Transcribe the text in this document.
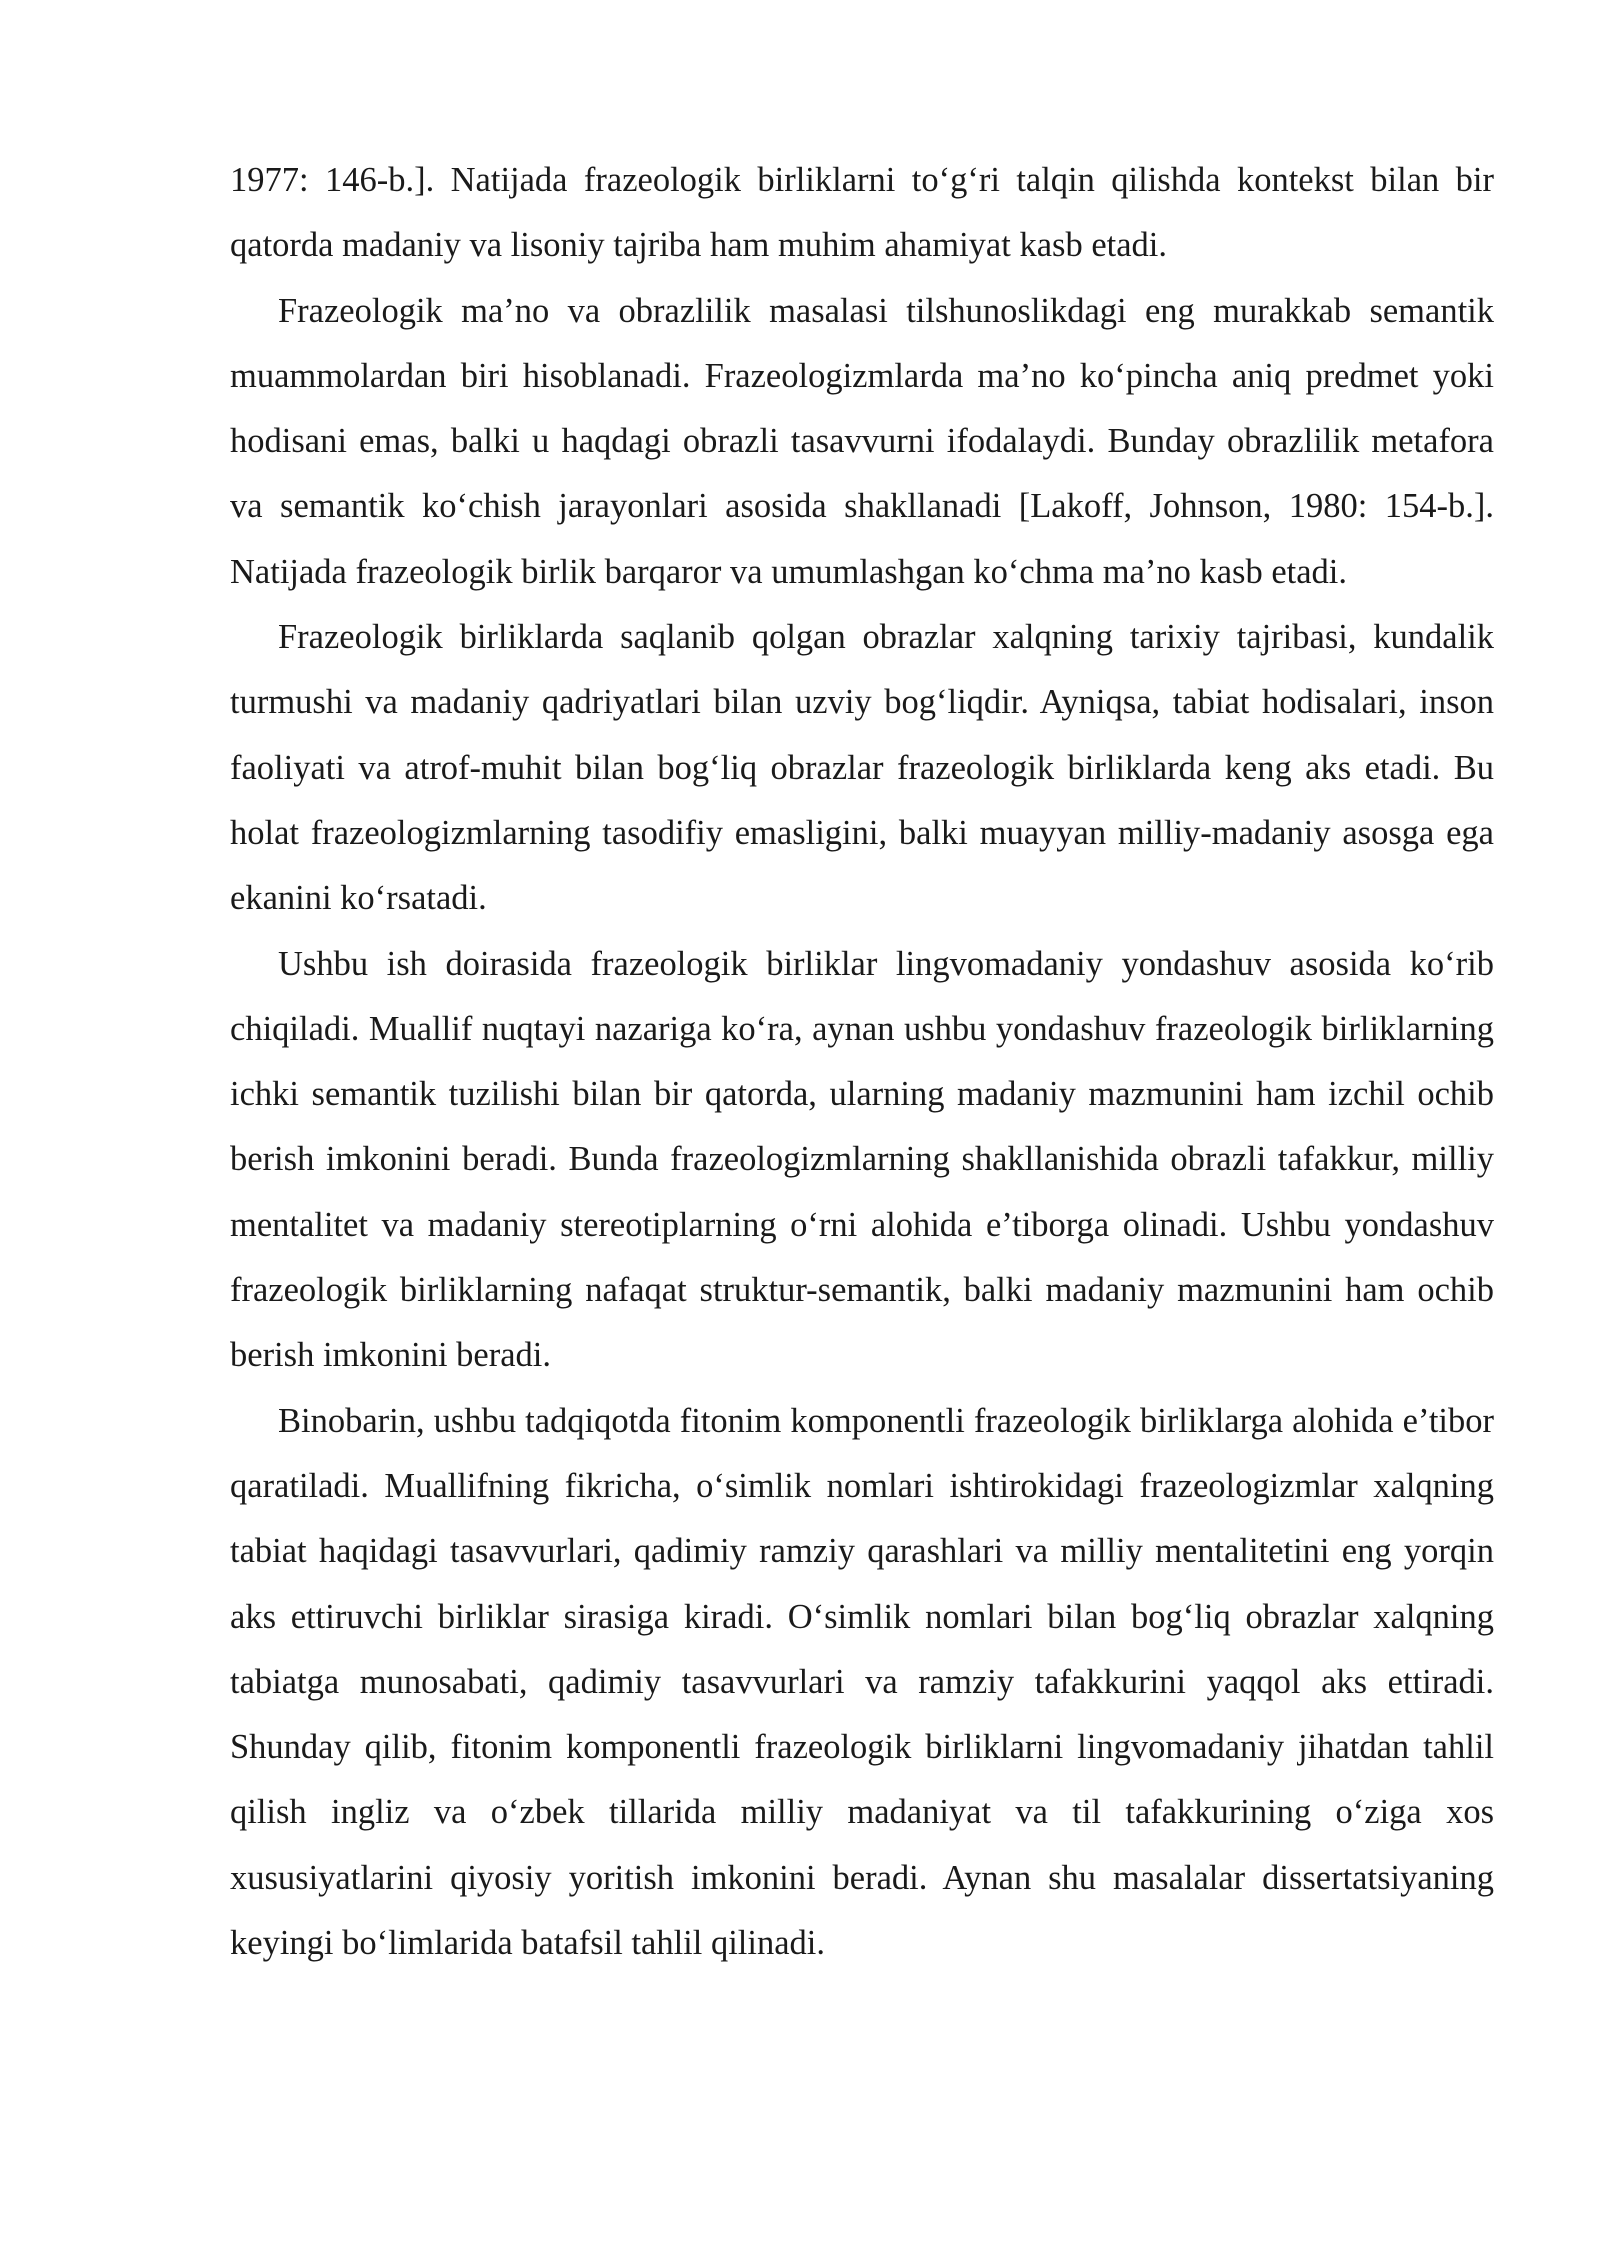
1977: 146-b.]. Natijada frazeologik birliklarni to‘g‘ri talqin qilishda kontekst bilan bir qatorda madaniy va lisoniy tajriba ham muhim ahamiyat kasb etadi.

Frazeologik ma’no va obrazlilik masalasi tilshunoslikdagi eng murakkab semantik muammolardan biri hisoblanadi. Frazeologizmlarda ma’no ko‘pincha aniq predmet yoki hodisani emas, balki u haqdagi obrazli tasavvurni ifodalaydi. Bunday obrazlilik metafora va semantik ko‘chish jarayonlari asosida shakllanadi [Lakoff, Johnson, 1980: 154-b.]. Natijada frazeologik birlik barqaror va umumlashgan ko‘chma ma’no kasb etadi.

Frazeologik birliklarda saqlanib qolgan obrazlar xalqning tarixiy tajribasi, kundalik turmushi va madaniy qadriyatlari bilan uzviy bog‘liqdir. Ayniqsa, tabiat hodisalari, inson faoliyati va atrof-muhit bilan bog‘liq obrazlar frazeologik birliklarda keng aks etadi. Bu holat frazeologizmlarning tasodifiy emasligini, balki muayyan milliy-madaniy asosga ega ekanini ko‘rsatadi.

Ushbu ish doirasida frazeologik birliklar lingvomadaniy yondashuv asosida ko‘rib chiqiladi. Muallif nuqtayi nazariga ko‘ra, aynan ushbu yondashuv frazeologik birliklarning ichki semantik tuzilishi bilan bir qatorda, ularning madaniy mazmunini ham izchil ochib berish imkonini beradi. Bunda frazeologizmlarning shakllanishida obrazli tafakkur, milliy mentalitet va madaniy stereotiplarning o‘rni alohida e’tiborga olinadi. Ushbu yondashuv frazeologik birliklarning nafaqat struktur-semantik, balki madaniy mazmunini ham ochib berish imkonini beradi.

Binobarin, ushbu tadqiqotda fitonim komponentli frazeologik birliklarga alohida e’tibor qaratiladi. Muallifning fikricha, o‘simlik nomlari ishtirokidagi frazeologizmlar xalqning tabiat haqidagi tasavvurlari, qadimiy ramziy qarashlari va milliy mentalitetini eng yorqin aks ettiruvchi birliklar sirasiga kiradi. O‘simlik nomlari bilan bog‘liq obrazlar xalqning tabiatga munosabati, qadimiy tasavvurlari va ramziy tafakkurini yaqqol aks ettiradi. Shunday qilib, fitonim komponentli frazeologik birliklarni lingvomadaniy jihatdan tahlil qilish ingliz va o‘zbek tillarida milliy madaniyat va til tafakkurining o‘ziga xos xususiyatlarini qiyosiy yoritish imkonini beradi. Aynan shu masalalar dissertatsiyaning keyingi bo‘limlarida batafsil tahlil qilinadi.
